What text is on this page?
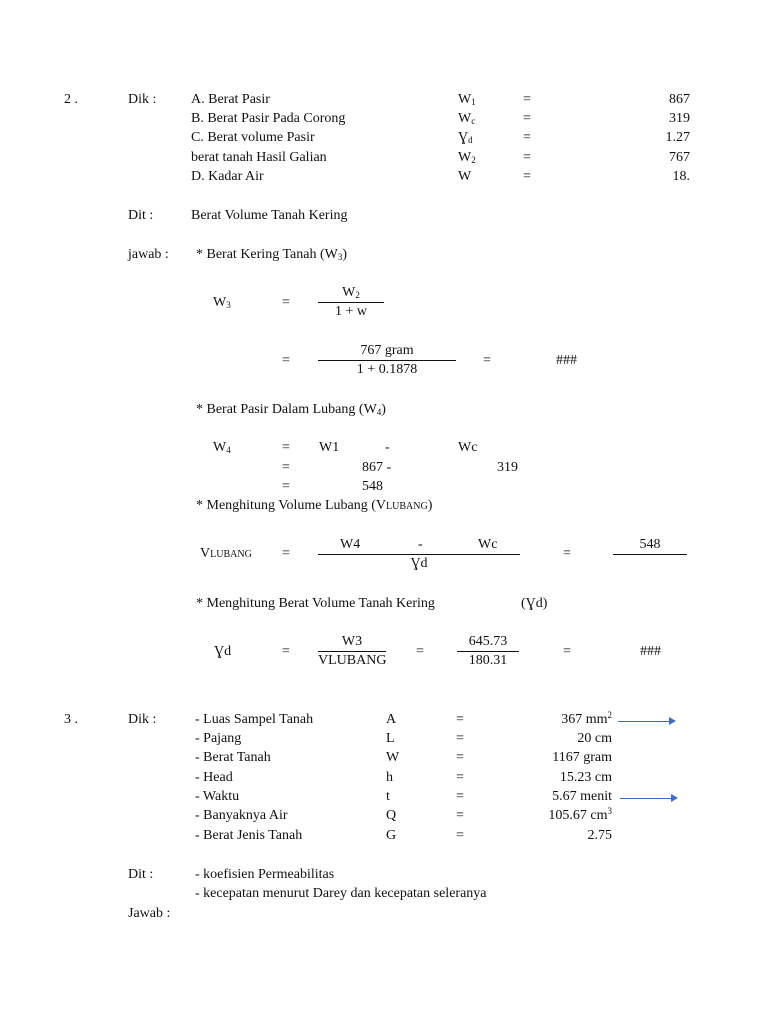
2 .	Dik : A. Berat Pasir	$W_1$	=	867
B. Berat Pasir Pada Corong	$W_c$	=	319
C. Berat volume Pasir	$Ɣ_d$	=	1.27
berat tanah Hasil Galian	$W_2$	=	767
D. Kadar Air	W	=	18.
Dit :	Berat Volume Tanah Kering
jawab : * Berat Kering Tanah $(W_3)$
$W_3$	=
$W_2$
1 + w
=
767 gram
1 + 0.1878
=	###
* Berat Pasir Dalam Lubang $(W_4)$
$W_4$	= W1	-	Wc
=	867 -	319
=	548
* Menghitung Volume Lubang (VLUBANG)
VLUBANG =
W4	-	Wc
Ɣd
=
548
* Menghitung Berat Volume Tanah Kering	(Ɣd)
Ɣd	=
W3
VLUBANG
=
645.73
180.31
=	###
3 .	Dik :	- Luas Sampel Tanah	A	=	367 $mm^2$
- Pajang	L	=	20 cm
- Berat Tanah	W	=	1167 gram
- Head	h	=	15.23 cm
- Waktu	t	=	5.67 menit
- Banyaknya Air	Q	=	105.67 $cm^3$
- Berat Jenis Tanah	G	=	2.75
Dit :	- koefisien Permeabilitas
- kecepatan menurut Darey dan kecepatan seleranya
Jawab :
